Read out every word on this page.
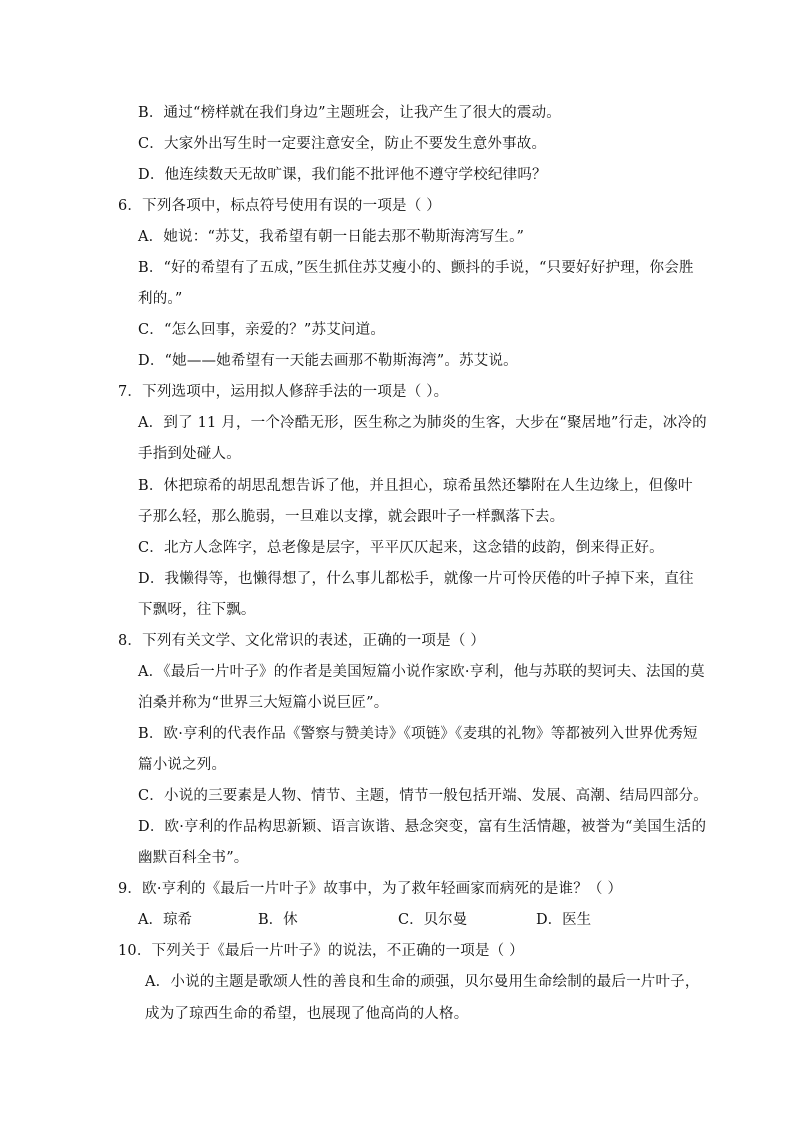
B．通过“榜样就在我们身边”主题班会，让我产生了很大的震动。
C．大家外出写生时一定要注意安全，防止不要发生意外事故。
D．他连续数天无故旷课，我们能不批评他不遵守学校纪律吗？
6．下列各项中，标点符号使用有误的一项是（ ）
A．她说：“苏艾，我希望有朝一日能去那不勒斯海湾写生。”
B．“好的希望有了五成，”医生抓住苏艾瘦小的、颤抖的手说，“只要好好护理，你会胜
利的。”
C．“怎么回事，亲爱的？”苏艾问道。
D．“她——她希望有一天能去画那不勒斯海湾”。苏艾说。
7．下列选项中，运用拟人修辞手法的一项是（ ）。
A．到了 11 月，一个冷酷无形，医生称之为肺炎的生客，大步在“聚居地”行走，冰冷的
手指到处碰人。
B．休把琼希的胡思乱想告诉了他，并且担心，琼希虽然还攀附在人生边缘上，但像叶
子那么轻，那么脆弱，一旦难以支撑，就会跟叶子一样飘落下去。
C．北方人念阵字，总老像是层字，平平仄仄起来，这念错的歧韵，倒来得正好。
D．我懒得等，也懒得想了，什么事儿都松手，就像一片可怜厌倦的叶子掉下来，直往
下飘呀，往下飘。
8．下列有关文学、文化常识的表述，正确的一项是（ ）
A．《最后一片叶子》的作者是美国短篇小说作家欧·亨利，他与苏联的契诃夫、法国的莫
泊桑并称为“世界三大短篇小说巨匠”。
B．欧·亨利的代表作品《警察与赞美诗》《项链》《麦琪的礼物》等都被列入世界优秀短
篇小说之列。
C．小说的三要素是人物、情节、主题，情节一般包括开端、发展、高潮、结局四部分。
D．欧·亨利的作品构思新颖、语言诙谐、悬念突变，富有生活情趣，被誉为“美国生活的
幽默百科全书”。
9．欧·亨利的《最后一片叶子》故事中，为了救年轻画家而病死的是谁？（ ）
A．琼希	B．休	C．贝尔曼	D．医生
10．下列关于《最后一片叶子》的说法，不正确的一项是（ ）
A．小说的主题是歌颂人性的善良和生命的顽强，贝尔曼用生命绘制的最后一片叶子，
成为了琼西生命的希望，也展现了他高尚的人格。
